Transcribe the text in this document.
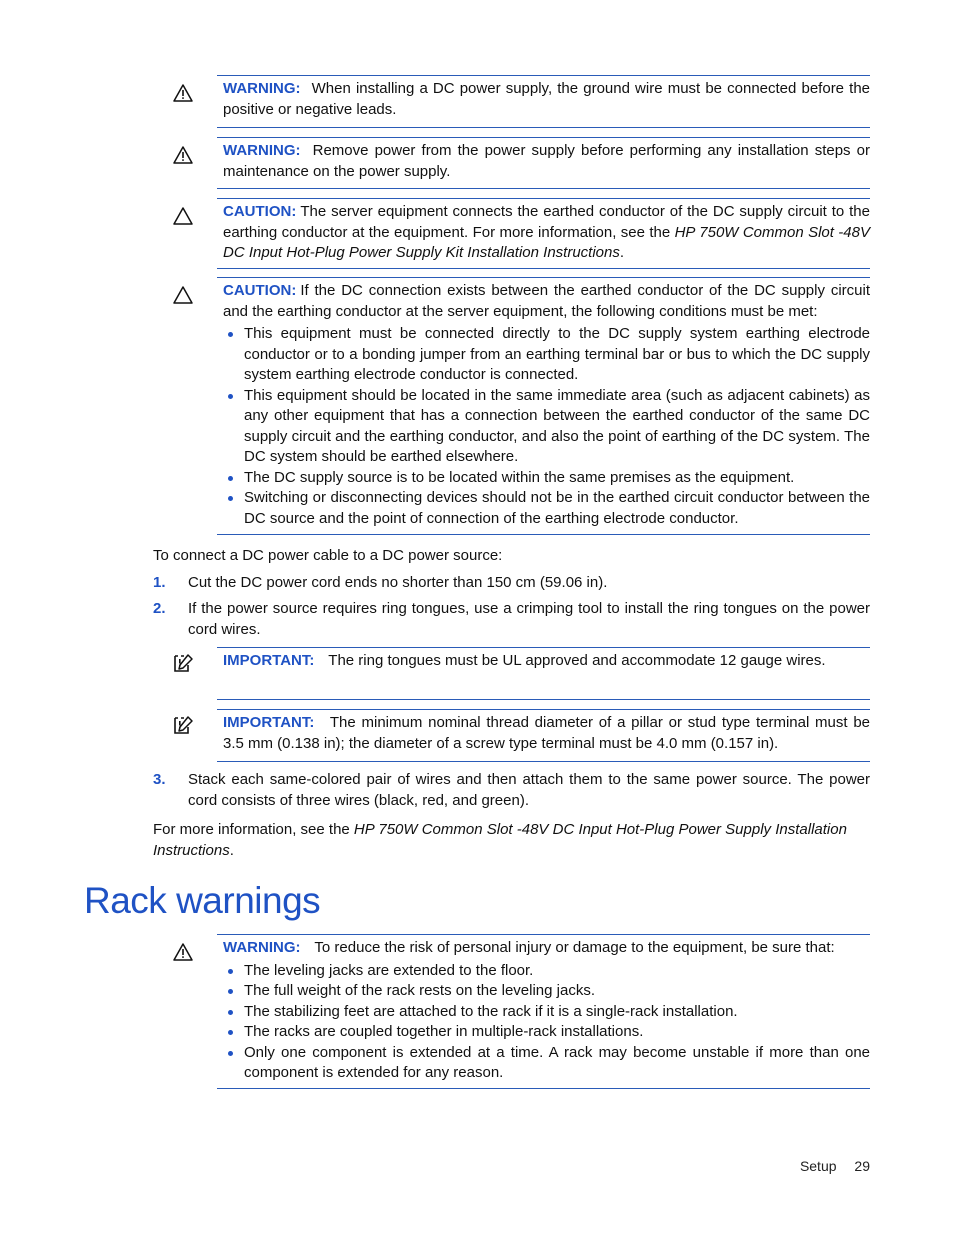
WARNING: When installing a DC power supply, the ground wire must be connected before the positive or negative leads.
WARNING: Remove power from the power supply before performing any installation steps or maintenance on the power supply.
CAUTION: The server equipment connects the earthed conductor of the DC supply circuit to the earthing conductor at the equipment. For more information, see the HP 750W Common Slot -48V DC Input Hot-Plug Power Supply Kit Installation Instructions.
CAUTION: If the DC connection exists between the earthed conductor of the DC supply circuit and the earthing conductor at the server equipment, the following conditions must be met:
This equipment must be connected directly to the DC supply system earthing electrode conductor or to a bonding jumper from an earthing terminal bar or bus to which the DC supply system earthing electrode conductor is connected.
This equipment should be located in the same immediate area (such as adjacent cabinets) as any other equipment that has a connection between the earthed conductor of the same DC supply circuit and the earthing conductor, and also the point of earthing of the DC system. The DC system should be earthed elsewhere.
The DC supply source is to be located within the same premises as the equipment.
Switching or disconnecting devices should not be in the earthed circuit conductor between the DC source and the point of connection of the earthing electrode conductor.
To connect a DC power cable to a DC power source:
1. Cut the DC power cord ends no shorter than 150 cm (59.06 in).
2. If the power source requires ring tongues, use a crimping tool to install the ring tongues on the power cord wires.
IMPORTANT: The ring tongues must be UL approved and accommodate 12 gauge wires.
IMPORTANT: The minimum nominal thread diameter of a pillar or stud type terminal must be 3.5 mm (0.138 in); the diameter of a screw type terminal must be 4.0 mm (0.157 in).
3. Stack each same-colored pair of wires and then attach them to the same power source. The power cord consists of three wires (black, red, and green).
For more information, see the HP 750W Common Slot -48V DC Input Hot-Plug Power Supply Installation Instructions.
Rack warnings
WARNING: To reduce the risk of personal injury or damage to the equipment, be sure that:
The leveling jacks are extended to the floor.
The full weight of the rack rests on the leveling jacks.
The stabilizing feet are attached to the rack if it is a single-rack installation.
The racks are coupled together in multiple-rack installations.
Only one component is extended at a time. A rack may become unstable if more than one component is extended for any reason.
Setup 29
